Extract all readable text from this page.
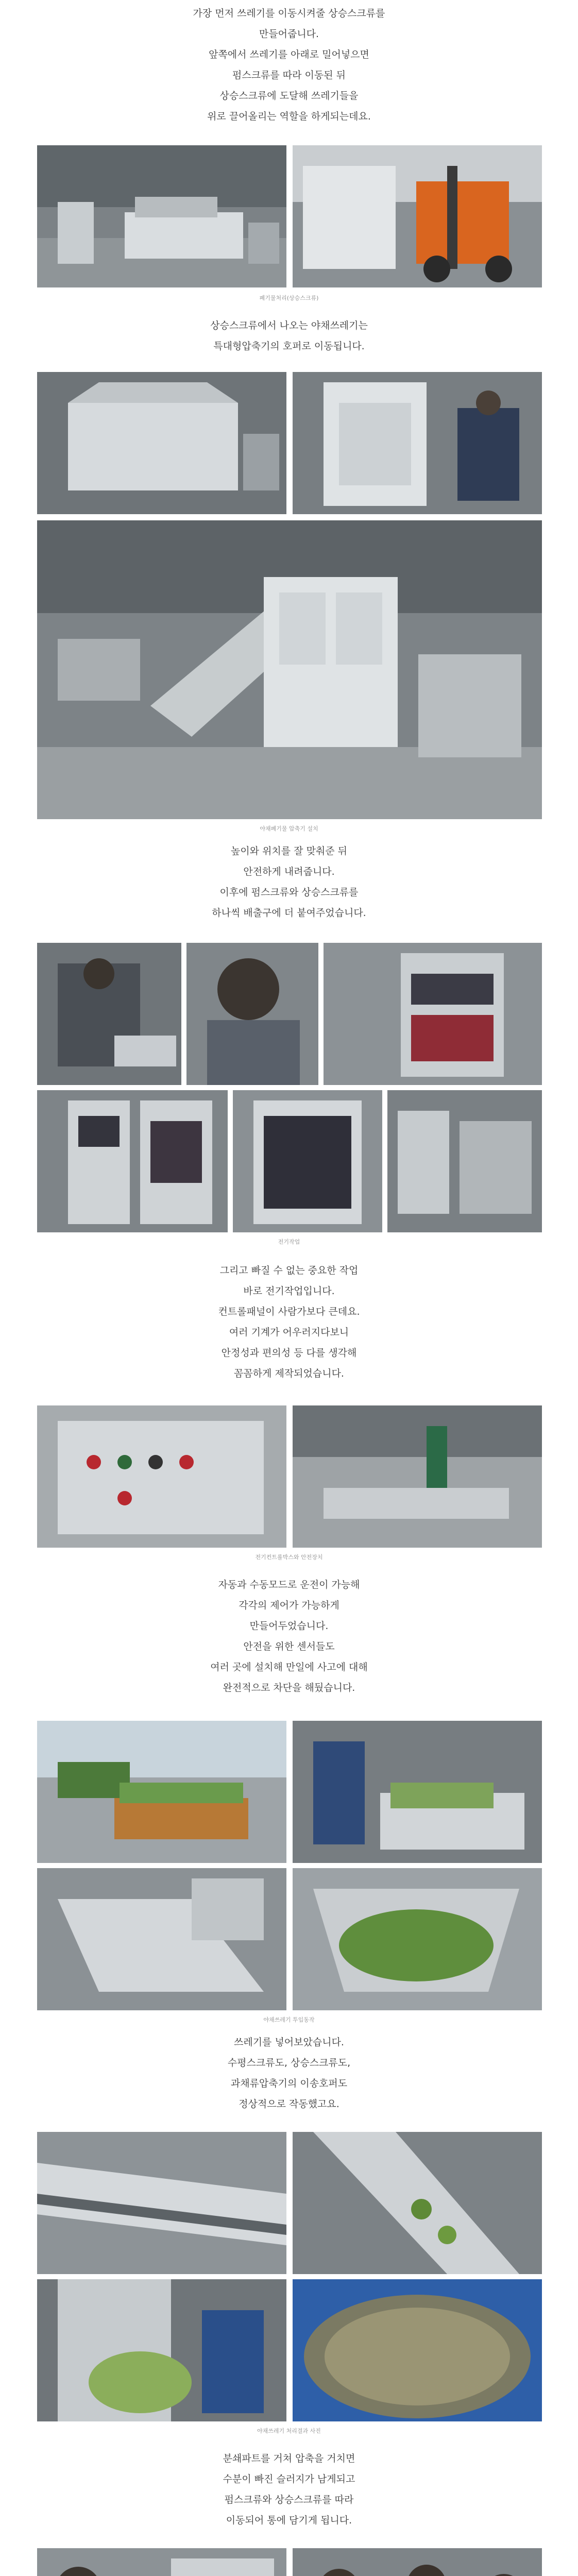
가장 먼저 쓰레기를 이동시켜줄 상승스크류를
만들어줍니다.
앞쪽에서 쓰레기를 아래로 밀어넣으면
펌스크류를 따라 이동된 뒤
상승스크류에 도달해 쓰레기들을
위로 끌어올리는 역할을 하게되는데요.
폐기물처리(상승스크류)
상승스크류에서 나오는 야채쓰레기는
특대형압축기의 호퍼로 이동됩니다.
야채폐기물 압축기 설치
높이와 위치를 잘 맞춰준 뒤
안전하게 내려줍니다.
이후에 펌스크류와 상승스크류를
하나씩 배출구에 더 붙여주었습니다.
전기작업
그리고 빠질 수 없는 중요한 작업
바로 전기작업입니다.
컨트롤패널이 사람가보다 큰데요.
여러 기계가 어우러지다보니
안정성과 편의성 등 다를 생각해
꼼꼼하게 제작되었습니다.
전기컨트롤박스와 안전장치
자동과 수동모드로 운전이 가능해
각각의 제어가 가능하게
만들어두었습니다.
안전을 위한 센서들도
여러 곳에 설치해 만일에 사고에 대해
완전적으로 차단을 해뒀습니다.
야채쓰레기 투입동작
쓰레기를 넣어보았습니다.
수평스크류도, 상승스크류도,
과채류압축기의 이송호퍼도
정상적으로 작동했고요.
야채쓰레기 처리결과 사진
분쇄파트를 거쳐 압축을 거치면
수분이 빠진 슬러지가 남게되고
펌스크류와 상승스크류를 따라
이동되어 통에 담기게 됩니다.
